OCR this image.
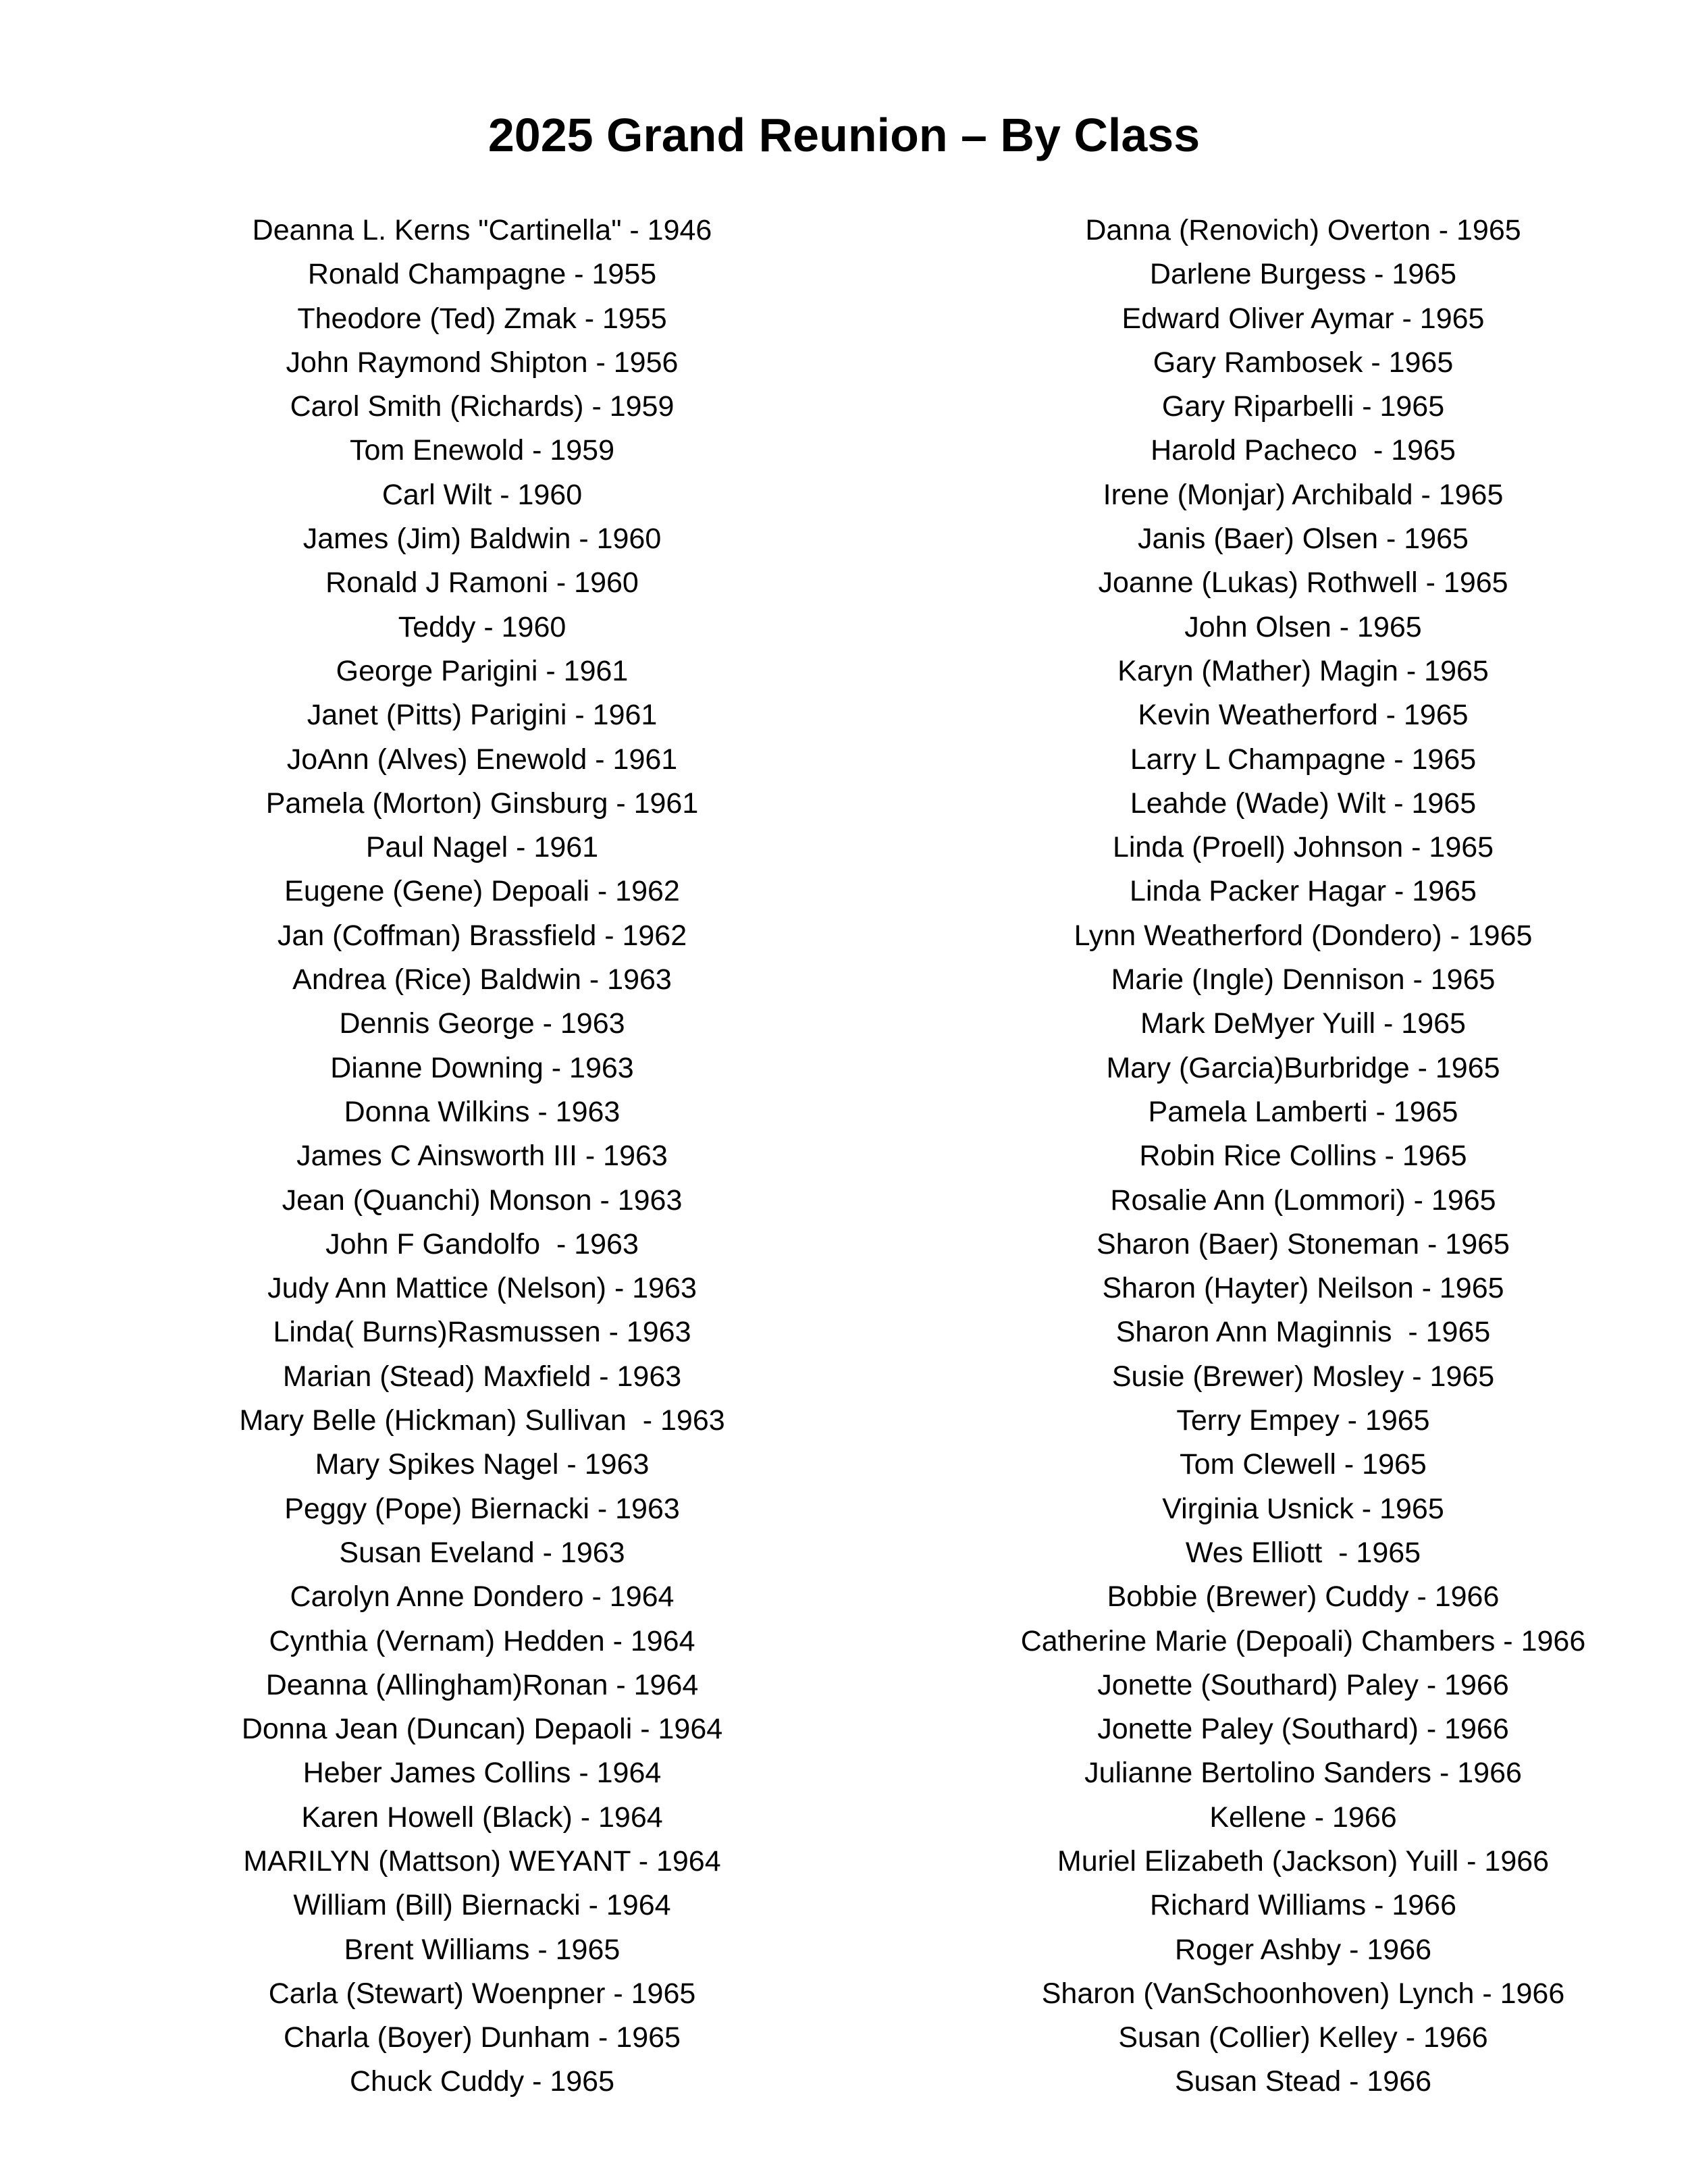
2025 Grand Reunion – By Class
Deanna L. Kerns "Cartinella" - 1946
Ronald Champagne - 1955
Theodore (Ted) Zmak - 1955
John Raymond Shipton - 1956
Carol Smith (Richards) - 1959
Tom Enewold - 1959
Carl Wilt - 1960
James (Jim) Baldwin - 1960
Ronald J Ramoni - 1960
Teddy - 1960
George Parigini - 1961
Janet (Pitts) Parigini - 1961
JoAnn (Alves) Enewold - 1961
Pamela (Morton) Ginsburg - 1961
Paul Nagel - 1961
Eugene (Gene) Depoali - 1962
Jan (Coffman) Brassfield - 1962
Andrea (Rice) Baldwin - 1963
Dennis George - 1963
Dianne Downing - 1963
Donna Wilkins - 1963
James C Ainsworth III - 1963
Jean (Quanchi) Monson - 1963
John F Gandolfo  - 1963
Judy Ann Mattice (Nelson) - 1963
Linda( Burns)Rasmussen - 1963
Marian (Stead) Maxfield - 1963
Mary Belle (Hickman) Sullivan  - 1963
Mary Spikes Nagel - 1963
Peggy (Pope) Biernacki - 1963
Susan Eveland - 1963
Carolyn Anne Dondero - 1964
Cynthia (Vernam) Hedden - 1964
Deanna (Allingham)Ronan - 1964
Donna Jean (Duncan) Depaoli - 1964
Heber James Collins - 1964
Karen Howell (Black) - 1964
MARILYN (Mattson) WEYANT - 1964
William (Bill) Biernacki - 1964
Brent Williams - 1965
Carla (Stewart) Woenpner - 1965
Charla (Boyer) Dunham - 1965
Chuck Cuddy - 1965
Danna (Renovich) Overton - 1965
Darlene Burgess - 1965
Edward Oliver Aymar - 1965
Gary Rambosek - 1965
Gary Riparbelli - 1965
Harold Pacheco  - 1965
Irene (Monjar) Archibald - 1965
Janis (Baer) Olsen - 1965
Joanne (Lukas) Rothwell - 1965
John Olsen - 1965
Karyn (Mather) Magin - 1965
Kevin Weatherford - 1965
Larry L Champagne - 1965
Leahde (Wade) Wilt - 1965
Linda (Proell) Johnson - 1965
Linda Packer Hagar - 1965
Lynn Weatherford (Dondero) - 1965
Marie (Ingle) Dennison - 1965
Mark DeMyer Yuill - 1965
Mary (Garcia)Burbridge - 1965
Pamela Lamberti - 1965
Robin Rice Collins - 1965
Rosalie Ann (Lommori) - 1965
Sharon (Baer) Stoneman - 1965
Sharon (Hayter) Neilson - 1965
Sharon Ann Maginnis  - 1965
Susie (Brewer) Mosley - 1965
Terry Empey - 1965
Tom Clewell - 1965
Virginia Usnick - 1965
Wes Elliott  - 1965
Bobbie (Brewer) Cuddy - 1966
Catherine Marie (Depoali) Chambers - 1966
Jonette (Southard) Paley - 1966
Jonette Paley (Southard) - 1966
Julianne Bertolino Sanders - 1966
Kellene - 1966
Muriel Elizabeth (Jackson) Yuill - 1966
Richard Williams - 1966
Roger Ashby - 1966
Sharon (VanSchoonhoven) Lynch - 1966
Susan (Collier) Kelley - 1966
Susan Stead - 1966
